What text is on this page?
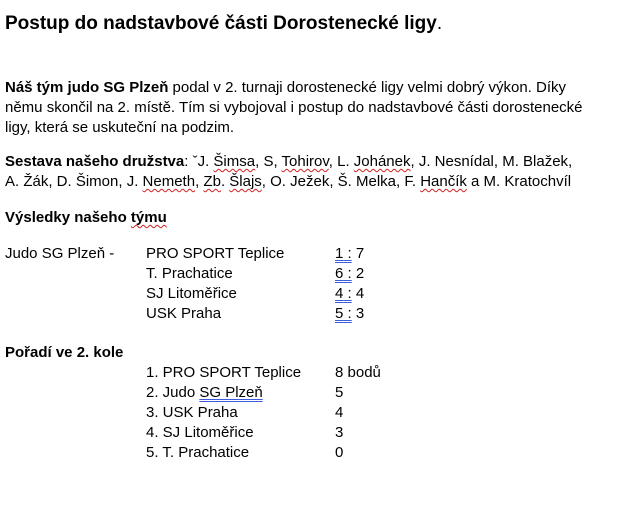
Postup do nadstavbové části Dorostenecké ligy.
Náš tým judo SG Plzeň podal v 2. turnaji dorostenecké ligy velmi dobrý výkon. Díky
němu skončil na 2. místě. Tím si vybojoval i postup do nadstavbové části dorostenecké
ligy, která se uskuteční na podzim.
Sestava našeho družstva: ˇJ. Šimsa, S, Tohirov, L. Johánek, J. Nesnídal, M. Blažek,
A. Žák, D. Šimon, J. Nemeth, Zb. Šlajs, O. Ježek, Š. Melka, F. Hančík a M. Kratochvíl
Výsledky našeho týmu
Judo SG Plzeň - PRO SPORT Teplice	1 : 7
T. Prachatice	6 : 2
SJ Litoměřice	4 : 4
USK Praha	5 : 3
Pořadí ve 2. kole
1. PRO SPORT Teplice 8 bodů
2. Judo SG Plzeň	5
3. USK Praha	4
4. SJ Litoměřice	3
5. T. Prachatice	0
